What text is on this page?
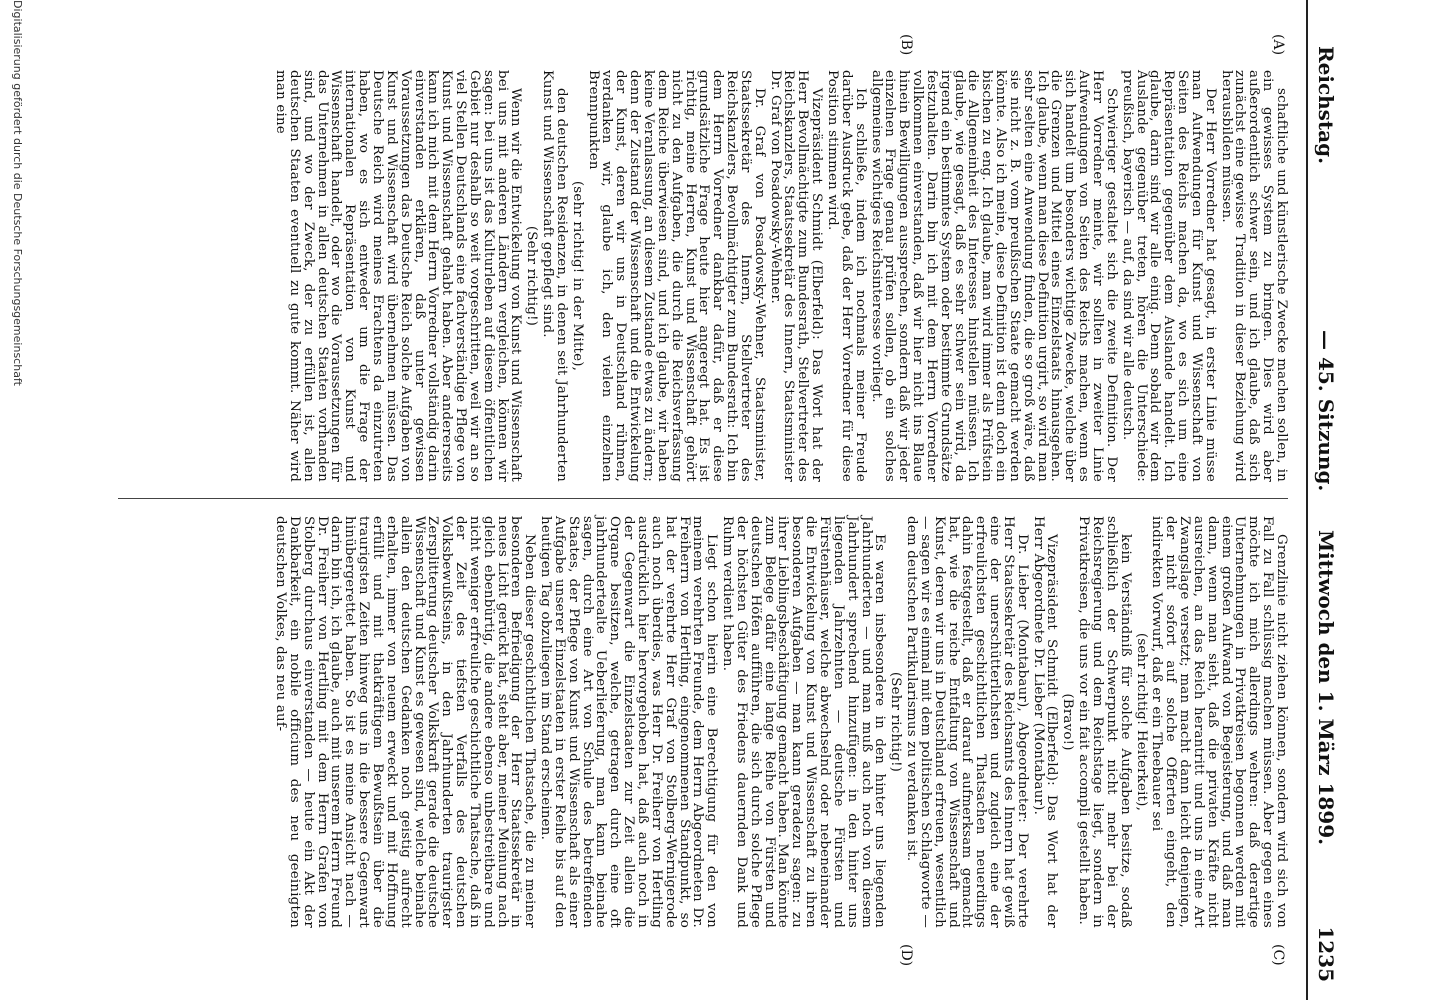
Reichstag.
— 45. Sitzung.
Mittwoch den 1. März 1899.
1235
(A)
(B)
(C)
(D)

schaftliche und künstlerische Zwecke machen sollen, in ein gewisses System zu bringen. Dies wird aber außerordentlich schwer sein, und ich glaube, daß sich zunächst eine gewisse Tradition in dieser Beziehung wird herausbilden müssen.

Der Herr Vorredner hat gesagt, in erster Linie müsse man Aufwendungen für Kunst und Wissenschaft von Seiten des Reichs machen da, wo es sich um eine Repräsentation gegenüber dem Auslande handelt. Ich glaube, darin sind wir alle einig. Denn sobald wir dem Auslande gegenüber treten, hören die Unterschiede: preußisch, bayerisch — auf, da sind wir alle deutsch.

Schwieriger gestaltet sich die zweite Definition. Der Herr Vorredner meinte, wir sollten in zweiter Linie Aufwendungen von Seiten des Reichs machen, wenn es sich handelt um besonders wichtige Zwecke, welche über die Grenzen und Mittel eines Einzelstaats hinausgehen. Ich glaube, wenn man diese Definition urgirt, so wird man sehr selten eine Anwendung finden, die so groß wäre, daß sie nicht z. B. vom preußischen Staate gemacht werden könnte. Also ich meine, diese Definition ist denn doch ein bischen zu eng. Ich glaube, man wird immer als Prüfstein die Allgemeinheit des Interesses hinstellen müssen. Ich glaube, wie gesagt, daß es sehr schwer sein wird, da irgend ein bestimmtes System oder bestimmte Grundsätze festzuhalten. Darin bin ich mit dem Herrn Vorredner vollkommen einverstanden, daß wir hier nicht ins Blaue hinein Bewilligungen aussprechen, sondern daß wir jeder einzelnen Frage genau prüfen sollen, ob ein solches allgemeines wichtiges Reichsinteresse vorliegt.

Ich schließe, indem ich nochmals meiner Freude darüber Ausdruck gebe, daß der Herr Vorredner für diese Position stimmen wird.

Vizepräsident Schmidt (Elberfeld): Das Wort hat der Herr Bevollmächtigte zum Bundesrath, Stellvertreter des Reichskanzlers, Staatssekretär des Innern, Staatsminister Dr. Graf von Posadowsky-Wehner.

Dr. Graf von Posadowsky-Wehner, Staatsminister, Staatssekretär des Innern, Stellvertreter des Reichskanzlers, Bevollmächtigter zum Bundesrath: Ich bin dem Herrn Vorredner dankbar dafür, daß er diese grundsätzliche Frage heute hier angeregt hat. Es ist richtig, meine Herren, Kunst und Wissenschaft gehört nicht zu den Aufgaben, die durch die Reichsverfassung dem Reiche überwiesen sind, und ich glaube, wir haben keine Veranlassung, an diesem Zustande etwas zu ändern; denn der Zustand der Wissenschaft und die Entwickelung der Kunst, deren wir uns in Deutschland rühmen, verdanken wir, glaube ich, den vielen einzelnen Brennpunkten

(sehr richtig! in der Mitte),

den deutschen Residenzen, in denen seit Jahrhunderten Kunst und Wissenschaft gepflegt sind.

(Sehr richtig!)

Wenn wir die Entwickelung von Kunst und Wissenschaft bei uns mit anderen Ländern vergleichen, können wir sagen: bei uns ist das Kulturleben auf diesem öffentlichen Gebiet nur deshalb so weit vorgeschritten, weil wir an so viel Stellen Deutschlands eine fachverständige Pflege von Kunst und Wissenschaft gehabt haben. Aber andererseits kann ich mich mit dem Herrn Vorredner vollständig darin einverstanden erklären, daß unter gewissen Voraussetzungen das Deutsche Reich solche Aufgaben von Kunst und Wissenschaft wird übernehmen müssen. Das Deutsche Reich wird meines Erachtens da einzutreten haben, wo es sich entweder um die Frage der internationalen Repräsentation von Kunst und Wissenschaft handelt, oder wo die Voraussetzungen für das Unternehmen in allen deutschen Staaten vorhanden sind, und wo der Zweck, der zu erfüllen ist, allen deutschen Staaten eventuell zu gute kommt. Näher wird man eine

Grenzlinie nicht ziehen können, sondern wird sich von Fall zu Fall schlüssig machen müssen. Aber gegen eines möchte ich mich allerdings wehren: daß derartige Unternehmungen in Privatkreisen begonnen werden mit einem großen Aufwand von Begeisterung, und daß man dann, wenn man sieht, daß die privaten Kräfte nicht ausreichen, an das Reich herantritt und uns in eine Art Zwangslage versetzt; man macht dann leicht denjenigen, der nicht sofort auf solche Offerten eingeht, den indirekten Vorwurf, daß er ein Theebauer sei

(sehr richtig! Heiterkeit),

kein Verständniß für solche Aufgaben besitze, sodaß schließlich der Schwerpunkt nicht mehr bei der Reichsregierung und dem Reichstage liegt, sondern in Privatkreisen, die uns vor ein fait accompli gestellt haben.

(Bravo!)

Vizepräsident Schmidt (Elberfeld): Das Wort hat der Herr Abgeordnete Dr. Lieber (Montabaur).

Dr. Lieber (Montabaur), Abgeordneter: Der verehrte Herr Staatssekretär des Reichsamts des Innern hat gewiß eine der unerschütterlichsten und zugleich eine der erfreulichsten geschichtlichen Thatsachen neuerdings dahin festgestellt, daß er darauf aufmerksam gemacht hat, wie die reiche Entfaltung von Wissenschaft und Kunst, deren wir uns in Deutschland erfreuen, wesentlich — sagen wir es einmal mit dem politischen Schlagworte — dem deutschen Partikularismus zu verdanken ist.

(Sehr richtig!)

Es waren insbesondere in den hinter uns liegenden Jahrhunderten — und man muß auch noch von diesem Jahrhundert sprechend hinzufügen: in den hinter uns liegenden Jahrzehnten — deutsche Fürsten und Fürstenhäuser, welche abwechselnd oder nebeneinander die Entwickelung von Kunst und Wissenschaft zu ihren besonderen Aufgaben — man kann geradezu sagen: zu ihrer Lieblingsbeschäftigung gemacht haben. Man könnte zum Belege dafür eine lange Reihe von Fürsten und deutschen Höfen aufführen, die sich durch solche Pflege der höchsten Güter des Friedens dauernden Dank und Ruhm verdient haben.

Liegt schon hierin eine Berechtigung für den von meinem verehrten Freunde, dem Herrn Abgeordneten Dr. Freiherrn von Hertling, eingenommenen Standpunkt, so hat der verehrte Herr Graf von Stolberg-Wernigerode auch noch überdies, was Herr Dr. Freiherr von Hertling ausdrücklich hier hervorgehoben hat, daß auch noch in der Gegenwart die Einzelstaaten zur Zeit allein die Organe besitzen, welche, getragen durch eine oft jahrhundertealte Ueberlieferung, man kann beinahe sagen, durch eine Art von Schule des betreffenden Staates, der Pflege von Kunst und Wissenschaft als einer Aufgabe unserer Einzelstaaten in erster Reihe bis auf den heutigen Tag obzuliegen im Stand erscheinen.

Neben dieser geschichtlichen Thatsache, die zu meiner besonderen Befriedigung der Herr Staatssekretär in neues Licht gerückt hat, steht aber, meiner Meinung nach gleich ebenbürtig, die andere ebenso unbestreitbare und nicht weniger erfreuliche geschichtliche Thatsache, daß in der Zeit des tiefsten Verfalls des deutschen Volksbewußtseins, in den Jahrhunderten traurigster Zersplitterung deutscher Volkskraft gerade die deutsche Wissenschaft und Kunst es gewesen sind, welche beinahe allein den deutschen Gedanken noch geistig aufrecht erhalten, immer von neuem erweckt und mit Hoffnung erfüllt und mit thatkräftigem Bewußtsein über die traurigsten Zeiten hinweg uns in die bessere Gegenwart hinübergerettet haben. So ist es meine Ansicht nach — darin bin ich, ich glaube, auch mit unserem Herrn Freund Dr. Freiherr von Hertling mit dem Herrn Grafen von Stolberg durchaus einverstanden — heute ein Akt der Dankbarkeit, ein nobile officium des neu geeinigten deutschen Volkes, das neu auf-

Digitalisierung gefördert durch die Deutsche Forschungsgemeinschaft
